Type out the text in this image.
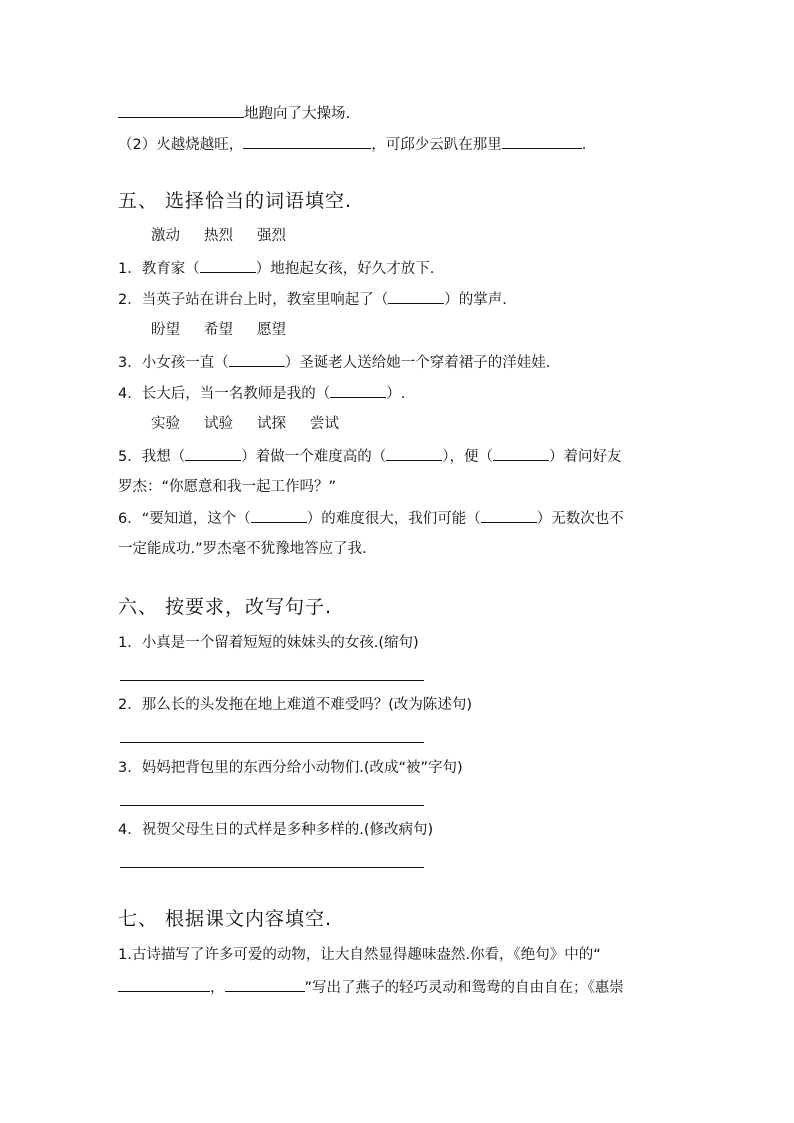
地跑向了大操场.
（2）火越烧越旺，	，可邱少云趴在那里	.
五、 选择恰当的词语填空.
激动 热烈 强烈
1．教育家（	）地抱起女孩，好久才放下.
2．当英子站在讲台上时，教室里响起了（	）的掌声.
盼望 希望 愿望
3．小女孩一直（	）圣诞老人送给她一个穿着裙子的洋娃娃.
4．长大后，当一名教师是我的（	）.
实验 试验 试探 尝试
5．我想（	）着做一个难度高的（	），便（	）着问好友
罗杰：“你愿意和我一起工作吗？”
6．“要知道，这个（	）的难度很大，我们可能（	）无数次也不
一定能成功.”罗杰毫不犹豫地答应了我.
六、 按要求，改写句子.
1．小真是一个留着短短的妹妹头的女孩.(缩句)
2．那么长的头发拖在地上难道不难受吗？(改为陈述句)
3．妈妈把背包里的东西分给小动物们.(改成“被”字句)
4．祝贺父母生日的式样是多种多样的.(修改病句)
七、 根据课文内容填空.
1.古诗描写了许多可爱的动物，让大自然显得趣味盎然.你看，《绝句》中的“
，	”写出了燕子的轻巧灵动和鸳鸯的自由自在；《惠崇
